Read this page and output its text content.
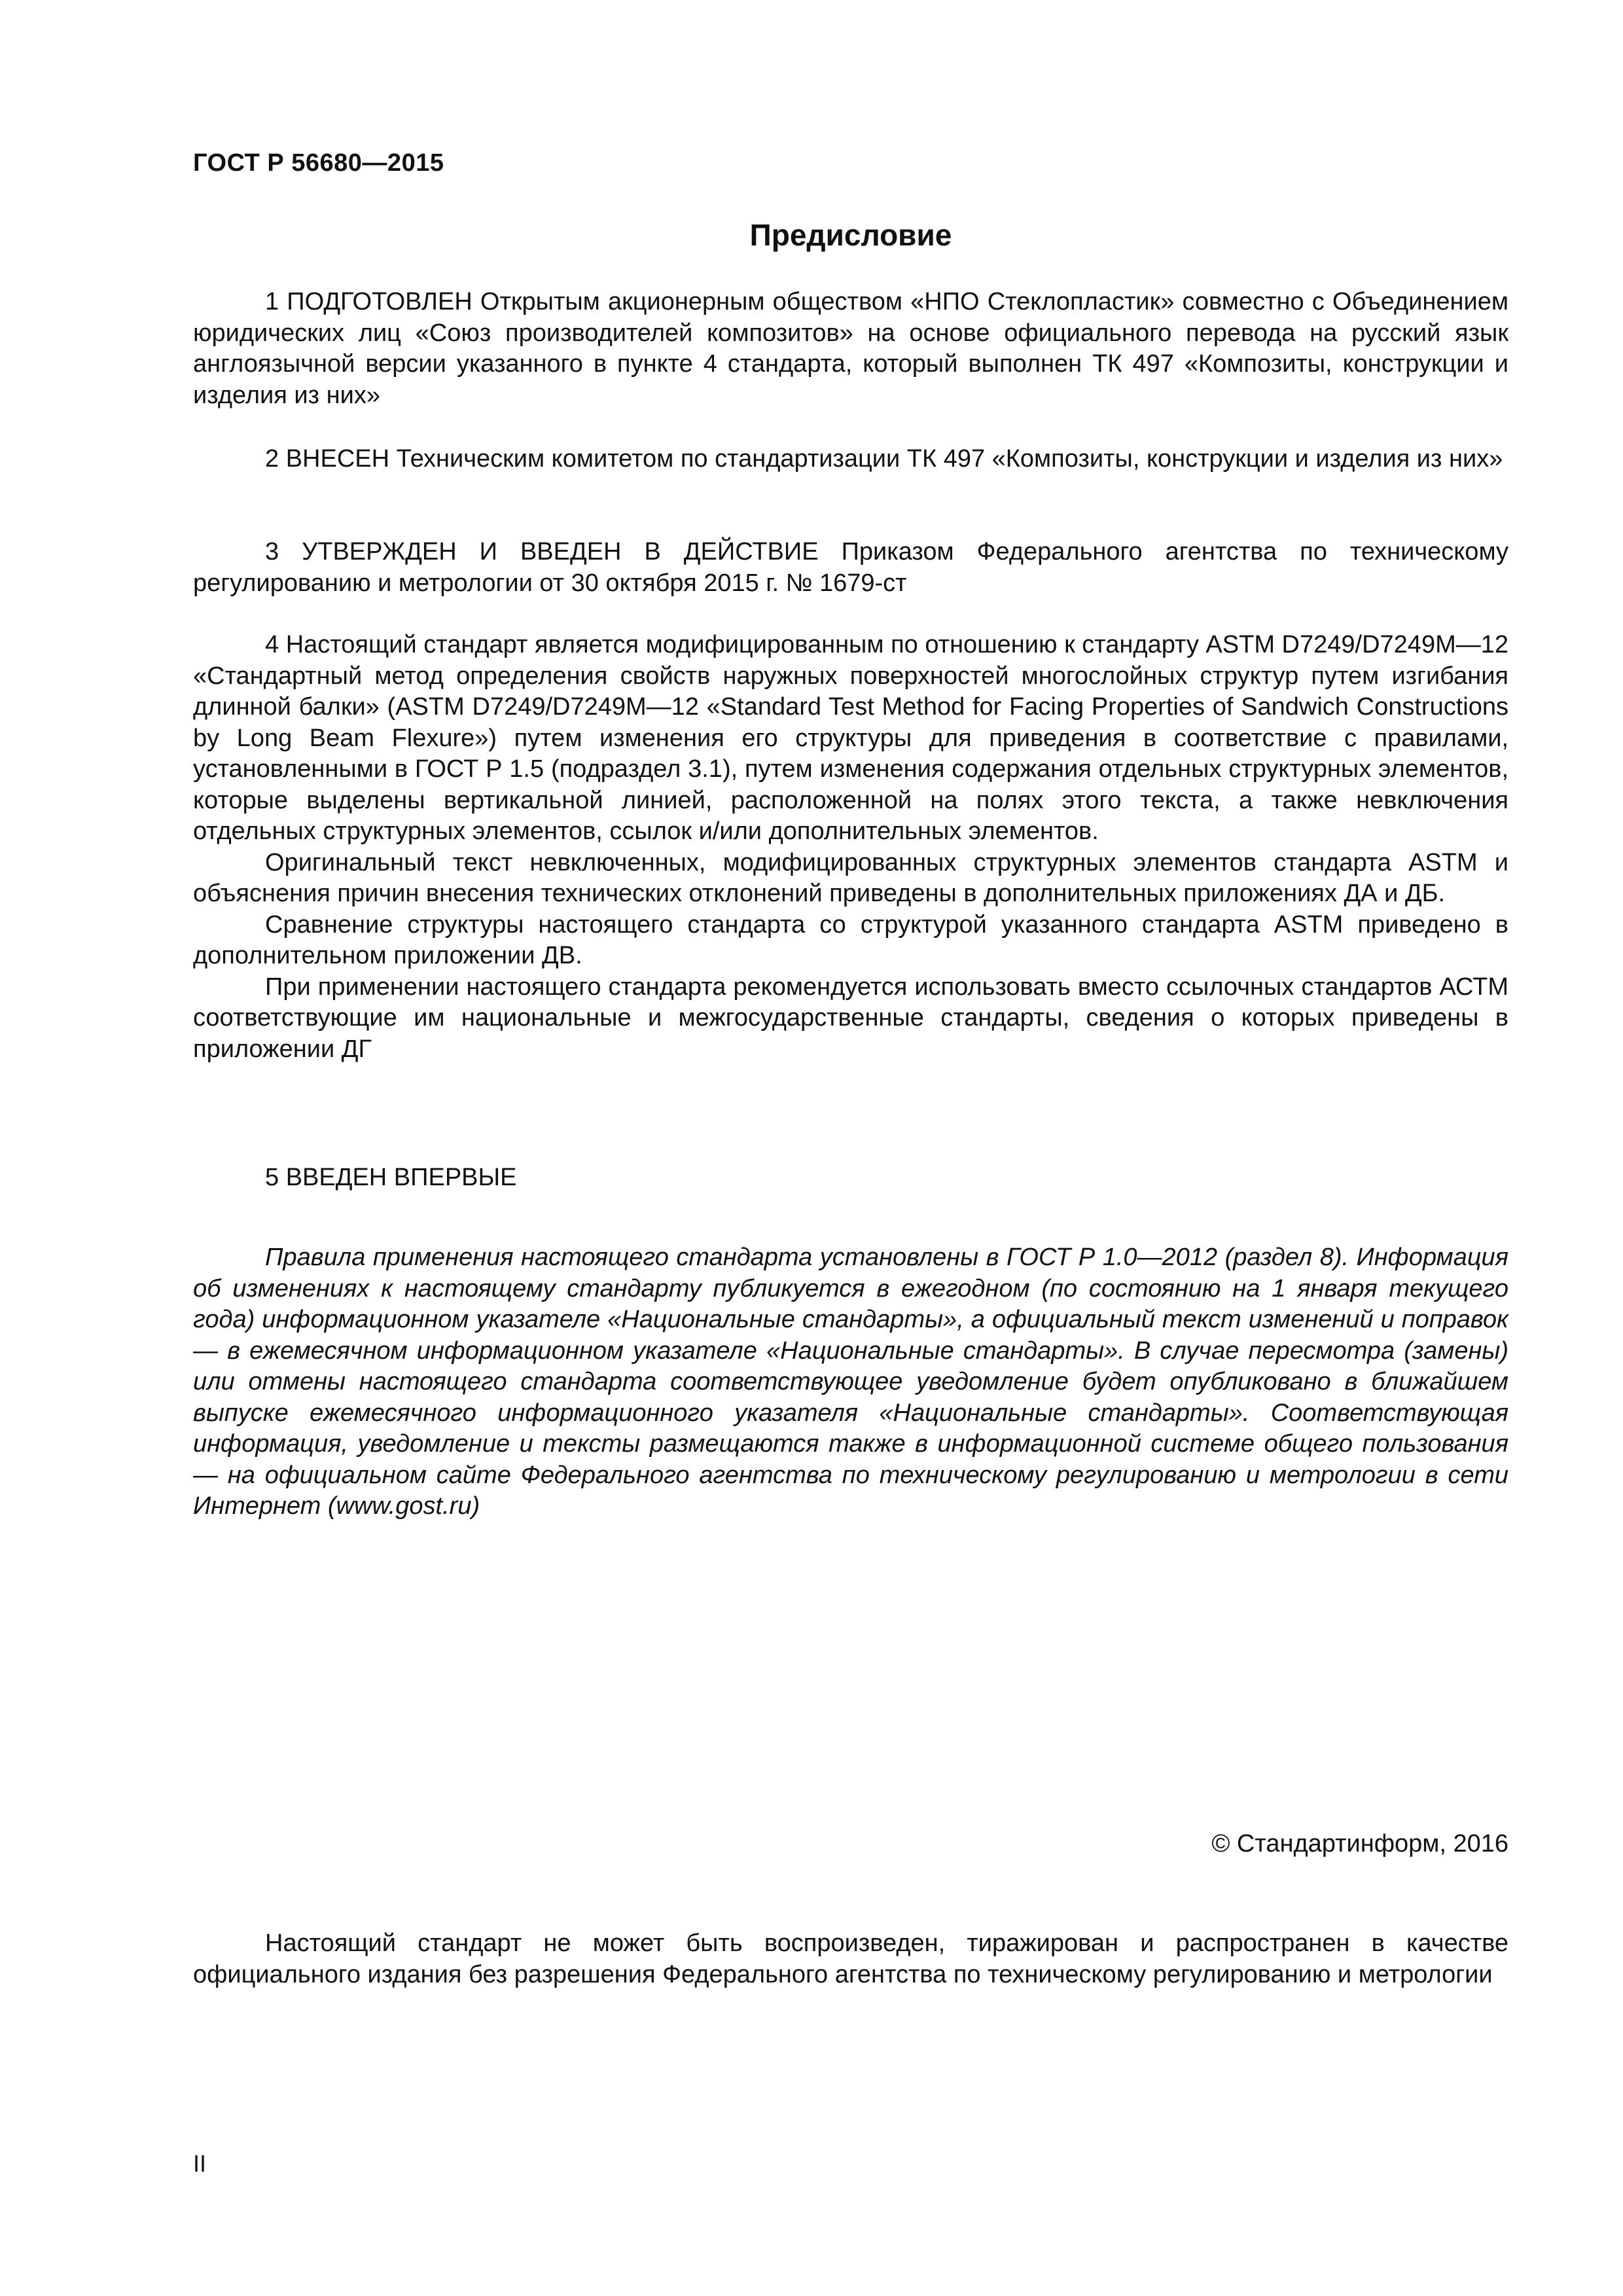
ГОСТ Р 56680—2015
Предисловие

1 ПОДГОТОВЛЕН Открытым акционерным обществом «НПО Стеклопластик» совместно с Объединением юридических лиц «Союз производителей композитов» на основе официального перевода на русский язык англоязычной версии указанного в пункте 4 стандарта, который выполнен ТК 497 «Композиты, конструкции и изделия из них»

2 ВНЕСЕН Техническим комитетом по стандартизации ТК 497 «Композиты, конструкции и изделия из них»

3 УТВЕРЖДЕН И ВВЕДЕН В ДЕЙСТВИЕ Приказом Федерального агентства по техническому регулированию и метрологии от 30 октября 2015 г. № 1679-ст

4 Настоящий стандарт является модифицированным по отношению к стандарту ASTM D7249/D7249M—12 «Стандартный метод определения свойств наружных поверхностей многослойных структур путем изгибания длинной балки» (ASTM D7249/D7249M—12 «Standard Test Method for Facing Properties of Sandwich Constructions by Long Beam Flexure») путем изменения его структуры для приведения в соответствие с правилами, установленными в ГОСТ Р 1.5 (подраздел 3.1), путем изменения содержания отдельных структурных элементов, которые выделены вертикальной линией, расположенной на полях этого текста, а также невключения отдельных структурных элементов, ссылок и/или дополнительных элементов.

Оригинальный текст невключенных, модифицированных структурных элементов стандарта ASTM и объяснения причин внесения технических отклонений приведены в дополнительных приложениях ДА и ДБ.

Сравнение структуры настоящего стандарта со структурой указанного стандарта ASTM приведено в дополнительном приложении ДВ.

При применении настоящего стандарта рекомендуется использовать вместо ссылочных стандартов АСТМ соответствующие им национальные и межгосударственные стандарты, сведения о которых приведены в приложении ДГ

5 ВВЕДЕН ВПЕРВЫЕ

Правила применения настоящего стандарта установлены в ГОСТ Р 1.0—2012 (раздел 8). Информация об изменениях к настоящему стандарту публикуется в ежегодном (по состоянию на 1 января текущего года) информационном указателе «Национальные стандарты», а официальный текст изменений и поправок — в ежемесячном информационном указателе «Национальные стандарты». В случае пересмотра (замены) или отмены настоящего стандарта соответствующее уведомление будет опубликовано в ближайшем выпуске ежемесячного информационного указателя «Национальные стандарты». Соответствующая информация, уведомление и тексты размещаются также в информационной системе общего пользования — на официальном сайте Федерального агентства по техническому регулированию и метрологии в сети Интернет (www.gost.ru)

© Стандартинформ, 2016

Настоящий стандарт не может быть воспроизведен, тиражирован и распространен в качестве официального издания без разрешения Федерального агентства по техническому регулированию и метрологии

II
